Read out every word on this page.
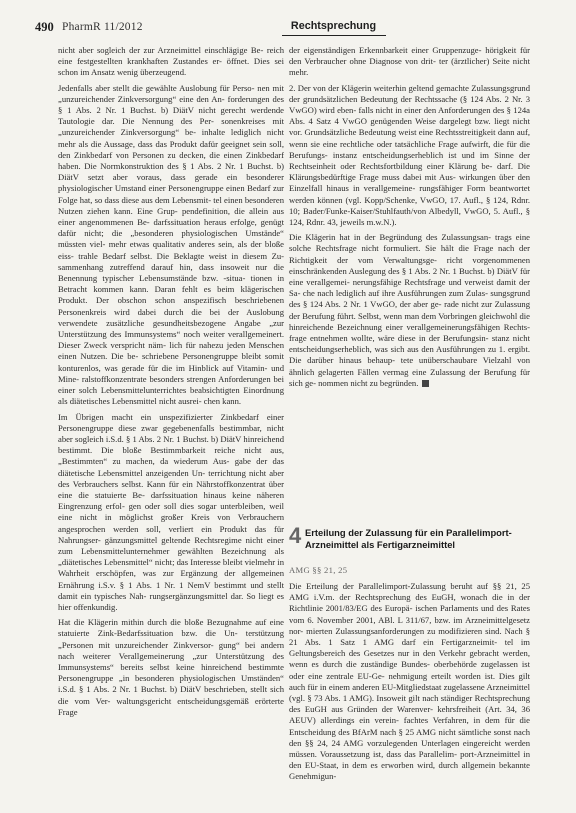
490 PharmR 11/2012	Rechtsprechung

nicht aber sogleich der zur Arzneimittel einschlägige Be- reich eine festgestellten krankhaften Zustandes er- öffnet. Dies sei schon im Ansatz wenig überzeugend.

Jedenfalls aber stellt die gewählte Auslobung für Perso- nen mit „unzureichender Zinkversorgung“ eine den An- forderungen des § 1 Abs. 2 Nr. 1 Buchst. b) DiätV nicht gerecht werdende Tautologie dar. Die Nennung des Per- sonenkreises mit „unzureichender Zinkversorgung“ be- inhalte lediglich nicht mehr als die Aussage, dass das Produkt dafür geeignet sein soll, den Zinkbedarf von Personen zu decken, die einen Zinkbedarf haben. Die Normkonstruktion des § 1 Abs. 2 Nr. 1 Buchst. b) DiätV setzt aber voraus, dass gerade ein besonderer physiologischer Umstand einer Personengruppe einen Bedarf zur Folge hat, so dass diese aus dem Lebensmit- tel einen besonderen Nutzen ziehen kann. Eine Grup- pendefinition, die allein aus einer angenommenen Be- darfssituation heraus erfolge, genügt dafür nicht; die „besonderen physiologischen Umstände“ müssten viel- mehr etwas qualitativ anderes sein, als der bloße eiss- trahle Bedarf selbst. Die Beklagte weist in diesem Zu- sammenhang zutreffend darauf hin, dass insoweit nur die Benennung typischer Lebensumstände bzw. -situa- tionen in Betracht kommen kann. Daran fehlt es beim klägerischen Produkt. Der obschon schon anspezifisch beschriebenen Personenkreis wird dabei durch die bei der Auslobung verwendete zusätzliche gesundheitsbezogene Angabe „zur Unterstützung des Immunsystems“ noch weiter verallgemeinert. Dieser Zweck verspricht näm- lich für nahezu jeden Menschen einen Nutzen. Die be- schriebene Personengruppe bleibt somit konturenlos, was gerade für die im Hinblick auf Vitamin- und Mine- ralstoffkonzentrate besonders strengen Anforderungen bei einer solch Lebensmittelunterrichtes beabsichtigten Einordnung als diätetisches Lebensmittel nicht ausrei- chen kann.

Im Übrigen macht ein unspezifizierter Zinkbedarf einer Personengruppe diese zwar gegebenenfalls bestimmbar, nicht aber sogleich i.S.d. § 1 Abs. 2 Nr. 1 Buchst. b) DiätV hinreichend bestimmt. Die bloße Bestimmbarkeit reiche nicht aus, „Bestimmten“ zu machen, da wiederum Aus- gabe der das diätetische Lebensmittel anzeigenden Un- terrichtung nicht aber des Verbrauchers selbst. Kann für ein Nährstoffkonzentrat über eine die statuierte Be- darfssituation hinaus keine näheren Eingrenzung erfol- gen oder soll dies sogar unterbleiben, weil eine nicht in möglichst großer Kreis von Verbrauchern angesprochen werden soll, verliert ein Produkt das für Nahrungser- gänzungsmittel geltende Rechtsregime nicht einer zum Lebensmittelunternehmer gewählten Bezeichnung als „diätetisches Lebensmittel“ nicht; das Interesse bleibt vielmehr in Wahrheit erschöpfen, was zur Ergänzung der allgemeinen Ernährung i.S.v. § 1 Abs. 1 Nr. 1 NemV bestimmt und stellt damit ein typisches Nah- rungsergänzungsmittel dar. So liegt es hier offenkundig.

Hat die Klägerin mithin durch die bloße Bezugnahme auf eine statuierte Zink-Bedarfssituation bzw. die Un- terstützung „Personen mit unzureichender Zinkversor- gung“ bei andern nach weiterer Verallgemeinerung „zur Unterstützung des Immunsystems“ bereits selbst keine hinreichend bestimmte Personengruppe „in besonderen physiologischen Umständen“ i.S.d. § 1 Abs. 2 Nr. 1 Buchst. b) DiätV beschrieben, stellt sich die vom Ver- waltungsgericht entscheidungsgemäß erörterte Frage

der eigenständigen Erkennbarkeit einer Gruppenzuge- hörigkeit für den Verbraucher ohne Diagnose von drit- ter (ärztlicher) Seite nicht mehr.

2. Der von der Klägerin weiterhin geltend gemachte Zulassungsgrund der grundsätzlichen Bedeutung der Rechtssache (§ 124 Abs. 2 Nr. 3 VwGO) wird eben- falls nicht in einer den Anforderungen des § 124a Abs. 4 Satz 4 VwGO genügenden Weise dargelegt bzw. liegt nicht vor. Grundsätzliche Bedeutung weist eine Rechtsstreitigkeit dann auf, wenn sie eine rechtliche oder tatsächliche Frage aufwirft, die für die Berufungs- instanz entscheidungserheblich ist und im Sinne der Rechtseinheit oder Rechtsfortbildung einer Klärung be- darf. Die Klärungsbedürftige Frage muss dabei mit Aus- wirkungen über den Einzelfall hinaus in verallgemeine- rungsfähiger Form beantwortet werden können (vgl. Kopp/Schenke, VwGO, 17. Aufl., § 124, Rdnr. 10; Bader/Funke-Kaiser/Stuhlfauth/von Albedyll, VwGO, 5. Aufl., § 124, Rdnr. 43, jeweils m.w.N.).

Die Klägerin hat in der Begründung des Zulassungsan- trags eine solche Rechtsfrage nicht formuliert. Sie hält die Frage nach der Richtigkeit der vom Verwaltungsge- richt vorgenommenen einschränkenden Auslegung des § 1 Abs. 2 Nr. 1 Buchst. b) DiätV für eine verallgemei- nerungsfähige Rechtsfrage und verweist damit der Sa- che nach lediglich auf ihre Ausführungen zum Zulas- sungsgrund des § 124 Abs. 2 Nr. 1 VwGO, der aber ge- rade nicht zur Zulassung der Berufung führt. Selbst, wenn man dem Vorbringen gleichwohl die hinreichende Bezeichnung einer verallgemeinerungsfähigen Rechts- frage entnehmen wollte, wäre diese in der Berufungsin- stanz nicht entscheidungserheblich, was sich aus den Ausführungen zu 1. ergibt. Die darüber hinaus behaup- tete unüberschaubare Vielzahl von ähnlich gelagerten Fällen vermag eine Zulassung der Berufung für sich ge- nommen nicht zu begründen.

4 Erteilung der Zulassung für ein Parallelimport-Arzneimittel als Fertigarzneimittel
AMG §§ 21, 25

Die Erteilung der Parallelimport-Zulassung beruht auf §§ 21, 25 AMG i.V.m. der Rechtsprechung des EuGH, wonach die in der Richtlinie 2001/83/EG des Europä- ischen Parlaments und des Rates vom 6. November 2001, ABl. L 311/67, bzw. im Arzneimittelgesetz nor- mierten Zulassungsanforderungen zu modifizieren sind. Nach § 21 Abs. 1 Satz 1 AMG darf ein Fertigarzneimit- tel im Geltungsbereich des Gesetzes nur in den Verkehr gebracht werden, wenn es durch die zuständige Bundes- oberbehörde zugelassen ist oder eine zentrale EU-Ge- nehmigung erteilt worden ist. Dies gilt auch für in einem anderen EU-Mitgliedstaat zugelassene Arzneimittel (vgl. § 73 Abs. 1 AMG). Insoweit gilt nach ständiger Rechtsprechung des EuGH aus Gründen der Warenver- kehrsfreiheit (Art. 34, 36 AEUV) allerdings ein verein- fachtes Verfahren, in dem für die Entscheidung des BfArM nach § 25 AMG nicht sämtliche sonst nach den §§ 24, 24 AMG vorzulegenden Unterlagen eingereicht werden müssen. Voraussetzung ist, dass das Parallelim- port-Arzneimittel in den EU-Staat, in dem es erworben wird, durch allgemein bekannte Genehmigun-
